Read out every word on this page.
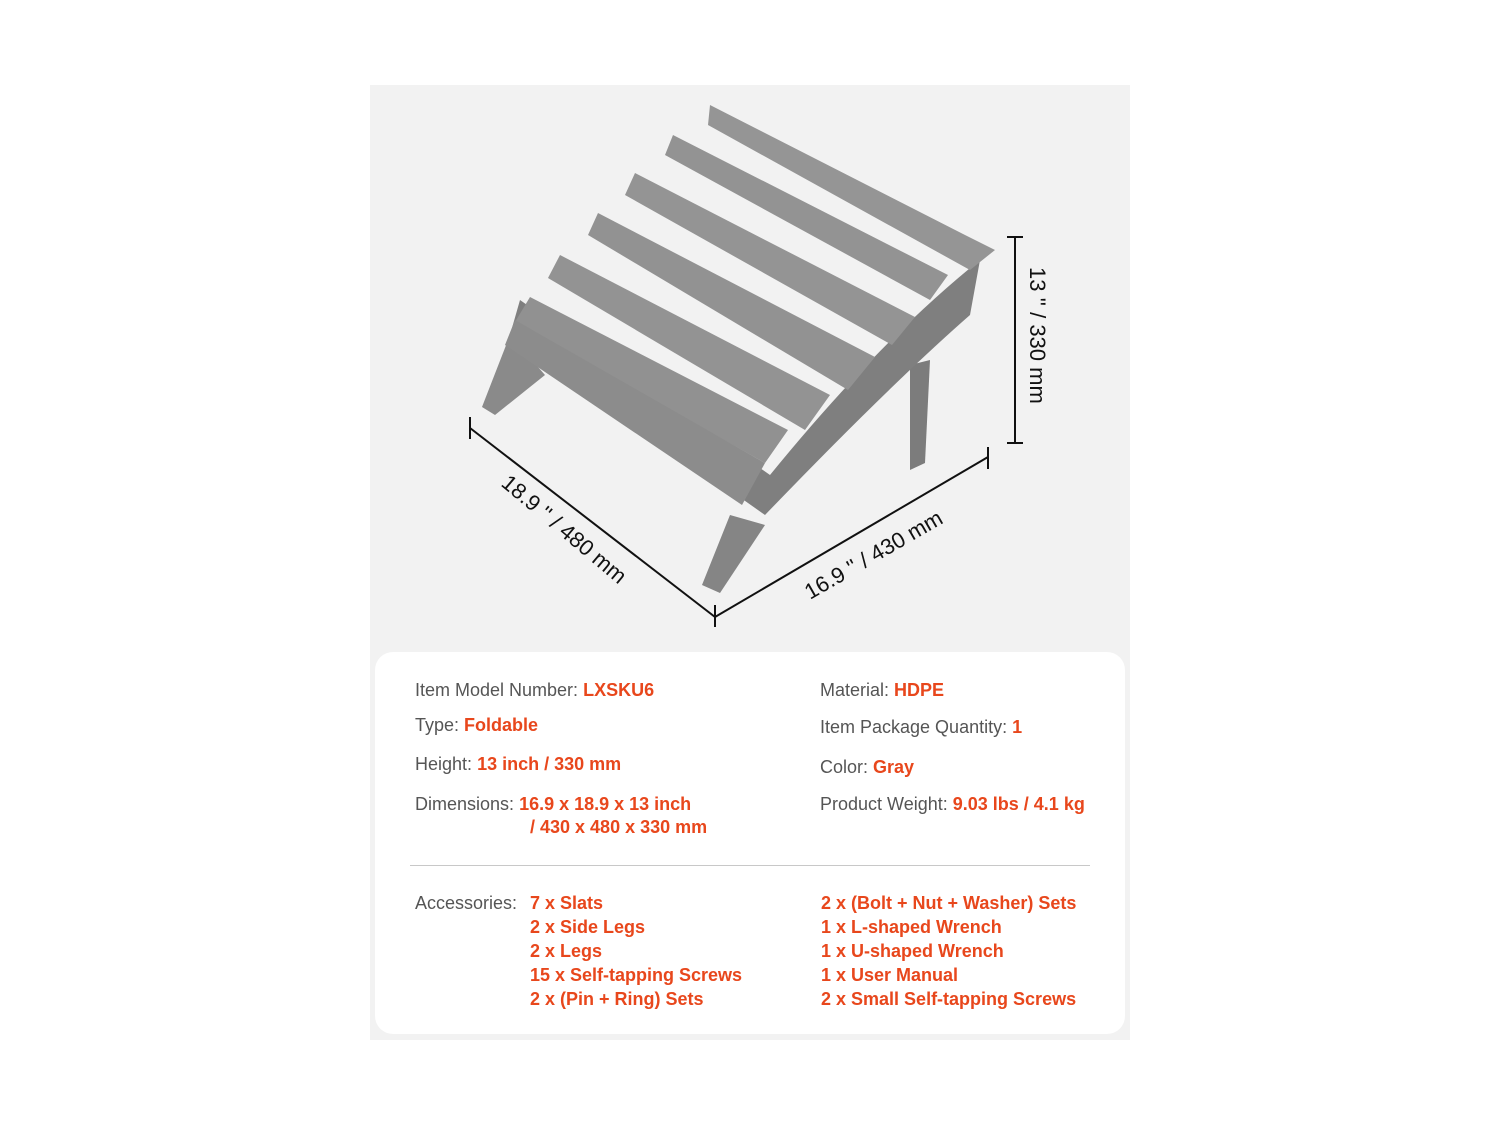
13 '' / 330 mm
18.9 '' / 480 mm	16.9 '' / 430 mm
Item Model Number: LXSKU6
Type: Foldable
Height: 13 inch / 330 mm
Dimensions: 16.9 x 18.9 x 13 inch
/ 430 x 480 x 330 mm
Material: HDPE
Item Package Quantity: 1
Color: Gray
Product Weight: 9.03 lbs / 4.1 kg
Accessories: 7 x Slats
2 x Side Legs
2 x Legs
15 x Self-tapping Screws
2 x (Pin + Ring) Sets
2 x (Bolt + Nut + Washer) Sets
1 x L-shaped Wrench
1 x U-shaped Wrench
1 x User Manual
2 x Small Self-tapping Screws
